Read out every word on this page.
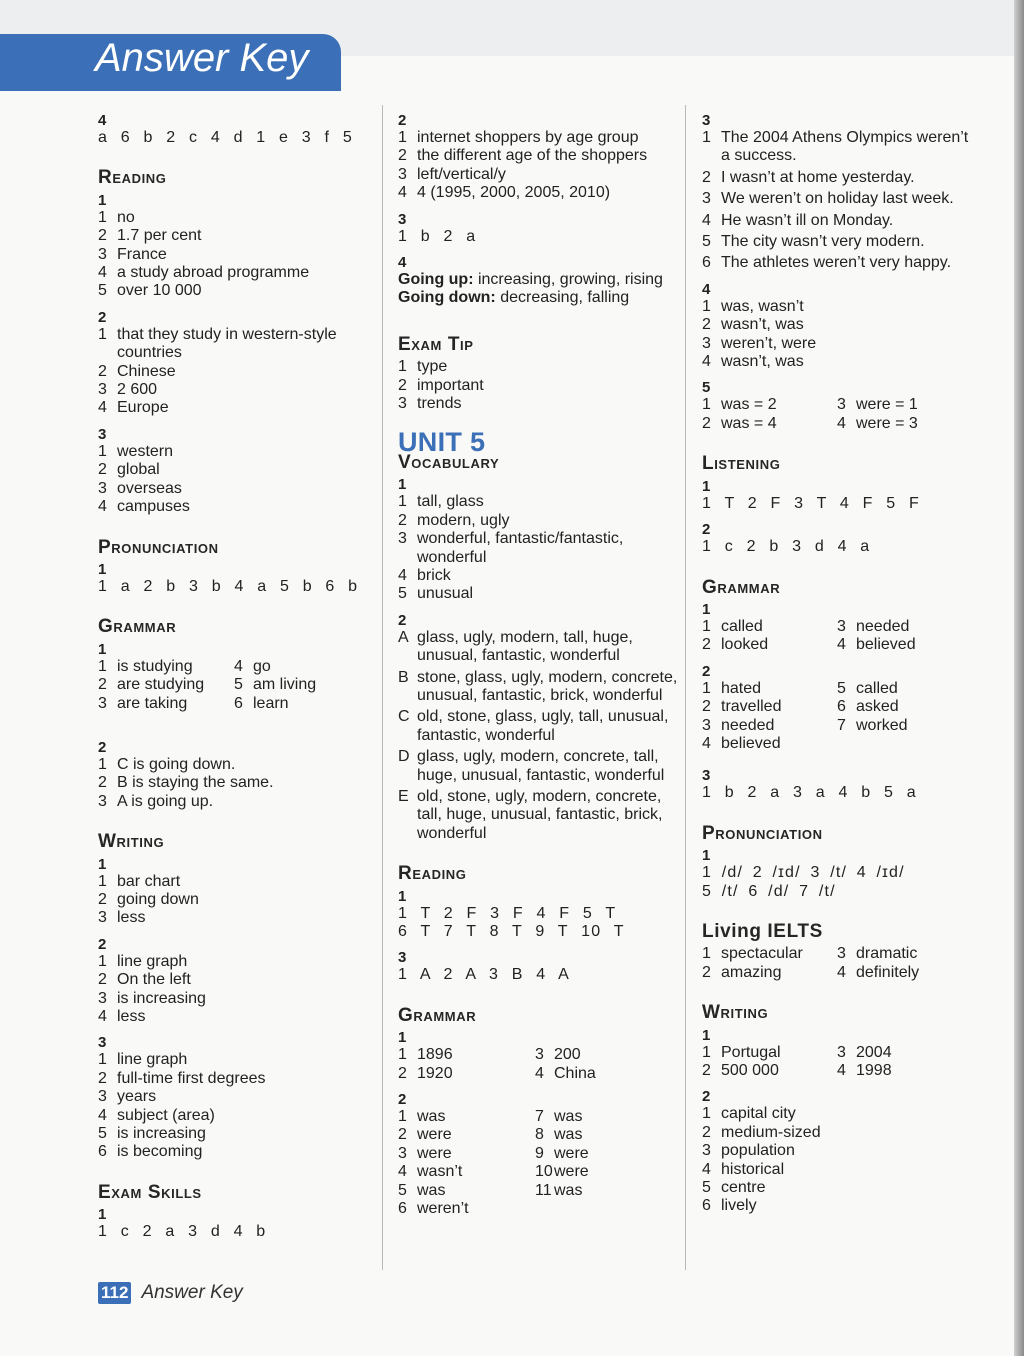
Answer Key
4
a 6 b 2 c 4 d 1 e 3 f 5
Reading
1
1 no
2 1.7 per cent
3 France
4 a study abroad programme
5 over 10 000
2
1 that they study in western-style countries
2 Chinese
3 2 600
4 Europe
3
1 western
2 global
3 overseas
4 campuses
Pronunciation
1
1 a 2 b 3 b 4 a 5 b 6 b
Grammar
1
1 is studying	4 go
2 are studying	5 am living
3 are taking	6 learn
2
1 C is going down.
2 B is staying the same.
3 A is going up.
Writing
1
1 bar chart
2 going down
3 less
2
1 line graph
2 On the left
3 is increasing
4 less
3
1 line graph
2 full-time first degrees
3 years
4 subject (area)
5 is increasing
6 is becoming
Exam Skills
1
1 c 2 a 3 d 4 b
2
1 internet shoppers by age group
2 the different age of the shoppers
3 left/vertical/y
4 4 (1995, 2000, 2005, 2010)
3
1 b 2 a
4
Going up: increasing, growing, rising
Going down: decreasing, falling
Exam Tip
1 type
2 important
3 trends
UNIT 5
Vocabulary
1
1 tall, glass
2 modern, ugly
3 wonderful, fantastic/fantastic, wonderful
4 brick
5 unusual
2
A glass, ugly, modern, tall, huge, unusual, fantastic, wonderful
B stone, glass, ugly, modern, concrete, unusual, fantastic, brick, wonderful
C old, stone, glass, ugly, tall, unusual, fantastic, wonderful
D glass, ugly, modern, concrete, tall, huge, unusual, fantastic, wonderful
E old, stone, ugly, modern, concrete, tall, huge, unusual, fantastic, brick, wonderful
Reading
1
1 T 2 F 3 F 4 F 5 T
6 T 7 T 8 T 9 T 10 T
3
1 A 2 A 3 B 4 A
Grammar
1
1 1896	3 200
2 1920	4 China
2
1 was	7 was
2 were	8 was
3 were	9 were
4 wasn’t	10 were
5 was	11 was
6 weren’t
3
1 The 2004 Athens Olympics weren’t a success.
2 I wasn’t at home yesterday.
3 We weren’t on holiday last week.
4 He wasn’t ill on Monday.
5 The city wasn’t very modern.
6 The athletes weren’t very happy.
4
1 was, wasn’t
2 wasn’t, was
3 weren’t, were
4 wasn’t, was
5
1 was = 2	3 were = 1
2 was = 4	4 were = 3
Listening
1
1 T 2 F 3 T 4 F 5 F
2
1 c 2 b 3 d 4 a
Grammar
1
1 called	3 needed
2 looked	4 believed
2
1 hated	5 called
2 travelled	6 asked
3 needed	7 worked
4 believed
3
1 b 2 a 3 a 4 b 5 a
Pronunciation
1
1 /d/ 2 /ɪd/ 3 /t/ 4 /ɪd/
5 /t/ 6 /d/ 7 /t/
Living IELTS
1 spectacular	3 dramatic
2 amazing	4 definitely
Writing
1
1 Portugal	3 2004
2 500 000	4 1998
2
1 capital city
2 medium-sized
3 population
4 historical
5 centre
6 lively
112 Answer Key
